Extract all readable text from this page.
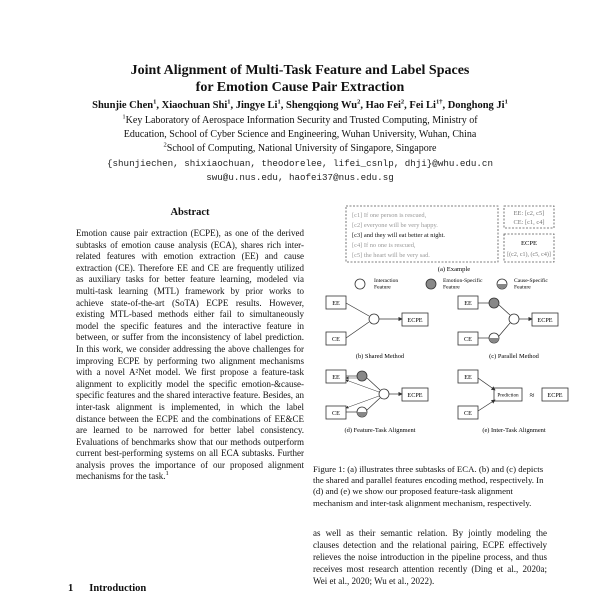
Joint Alignment of Multi-Task Feature and Label Spaces
for Emotion Cause Pair Extraction
Shunjie Chen$^1$, Xiaochuan Shi$^1$, Jingye Li$^1$, Shengqiong Wu$^2$, Hao Fei$^2$, Fei $Li^{1\dagger}$, Donghong Ji$^1$
$^1$Key Laboratory of Aerospace Information Security and Trusted Computing, Ministry of
Education, School of Cyber Science and Engineering, Wuhan University, Wuhan, China
$^2$School of Computing, National University of Singapore, Singapore
{shunjiechen, shixiaochuan, theodorelee, lifei_csnlp, dhji}@whu.edu.cn
swu@u.nus.edu, haofei37@nus.edu.sg
Abstract

Emotion cause pair extraction (ECPE), as one of the derived subtasks of emotion cause analysis (ECA), shares rich inter-related features with emotion extraction (EE) and cause extraction (CE). Therefore EE and CE are frequently utilized as auxiliary tasks for better feature learning, modeled via multi-task learning (MTL) framework by prior works to achieve state-of-the-art (SoTA) ECPE results. However, existing MTL-based methods either fail to simultaneously model the specific features and the interactive feature in between, or suffer from the inconsistency of label prediction. In this work, we consider addressing the above challenges for improving ECPE by performing two alignment mechanisms with a novel A²Net model. We first propose a feature-task alignment to explicitly model the specific emotion-&cause-specific features and the shared interactive feature. Besides, an inter-task alignment is implemented, in which the label distance between the ECPE and the combinations of EE&CE are learned to be narrowed for better label consistency. Evaluations of benchmarks show that our methods outperform current best-performing systems on all ECA subtasks. Further analysis proves the importance of our proposed alignment mechanisms for the task.$^1$

1 Introduction
[c1] If one person is rescued,
[c2] everyone will be very happy.
[c3] and they will eat better at night.
[c4] If no one is rescued,
[c5] the heart will be very sad.
EE: [c2, c5]
CE: [c1, c4]
ECPE
[(c2, c1), (c5, c4)]
(a) Example
Interaction Feature
Emotion-Specific Feature
Cause-Specific Feature
EE
CE
ECPE
(b) Shared Method
EE
CE
ECPE
(c) Parallel Method
EE
CE
ECPE
(d) Feature-Task Alignment
EE
CE
Prediction ≈ ECPE
(e) Inter-Task Alignment
Figure 1: (a) illustrates three subtasks of ECA. (b) and (c) depicts the shared and parallel features encoding method, respectively. In (d) and (e) we show our proposed feature-task alignment mechanism and inter-task alignment mechanism, respectively.
as well as their semantic relation. By jointly modeling the clauses detection and the relational pairing, ECPE effectively relieves the noise introduction in the pipeline process, and thus receives most research attention recently (Ding et al., 2020a; Wei et al., 2020; Wu et al., 2022).
